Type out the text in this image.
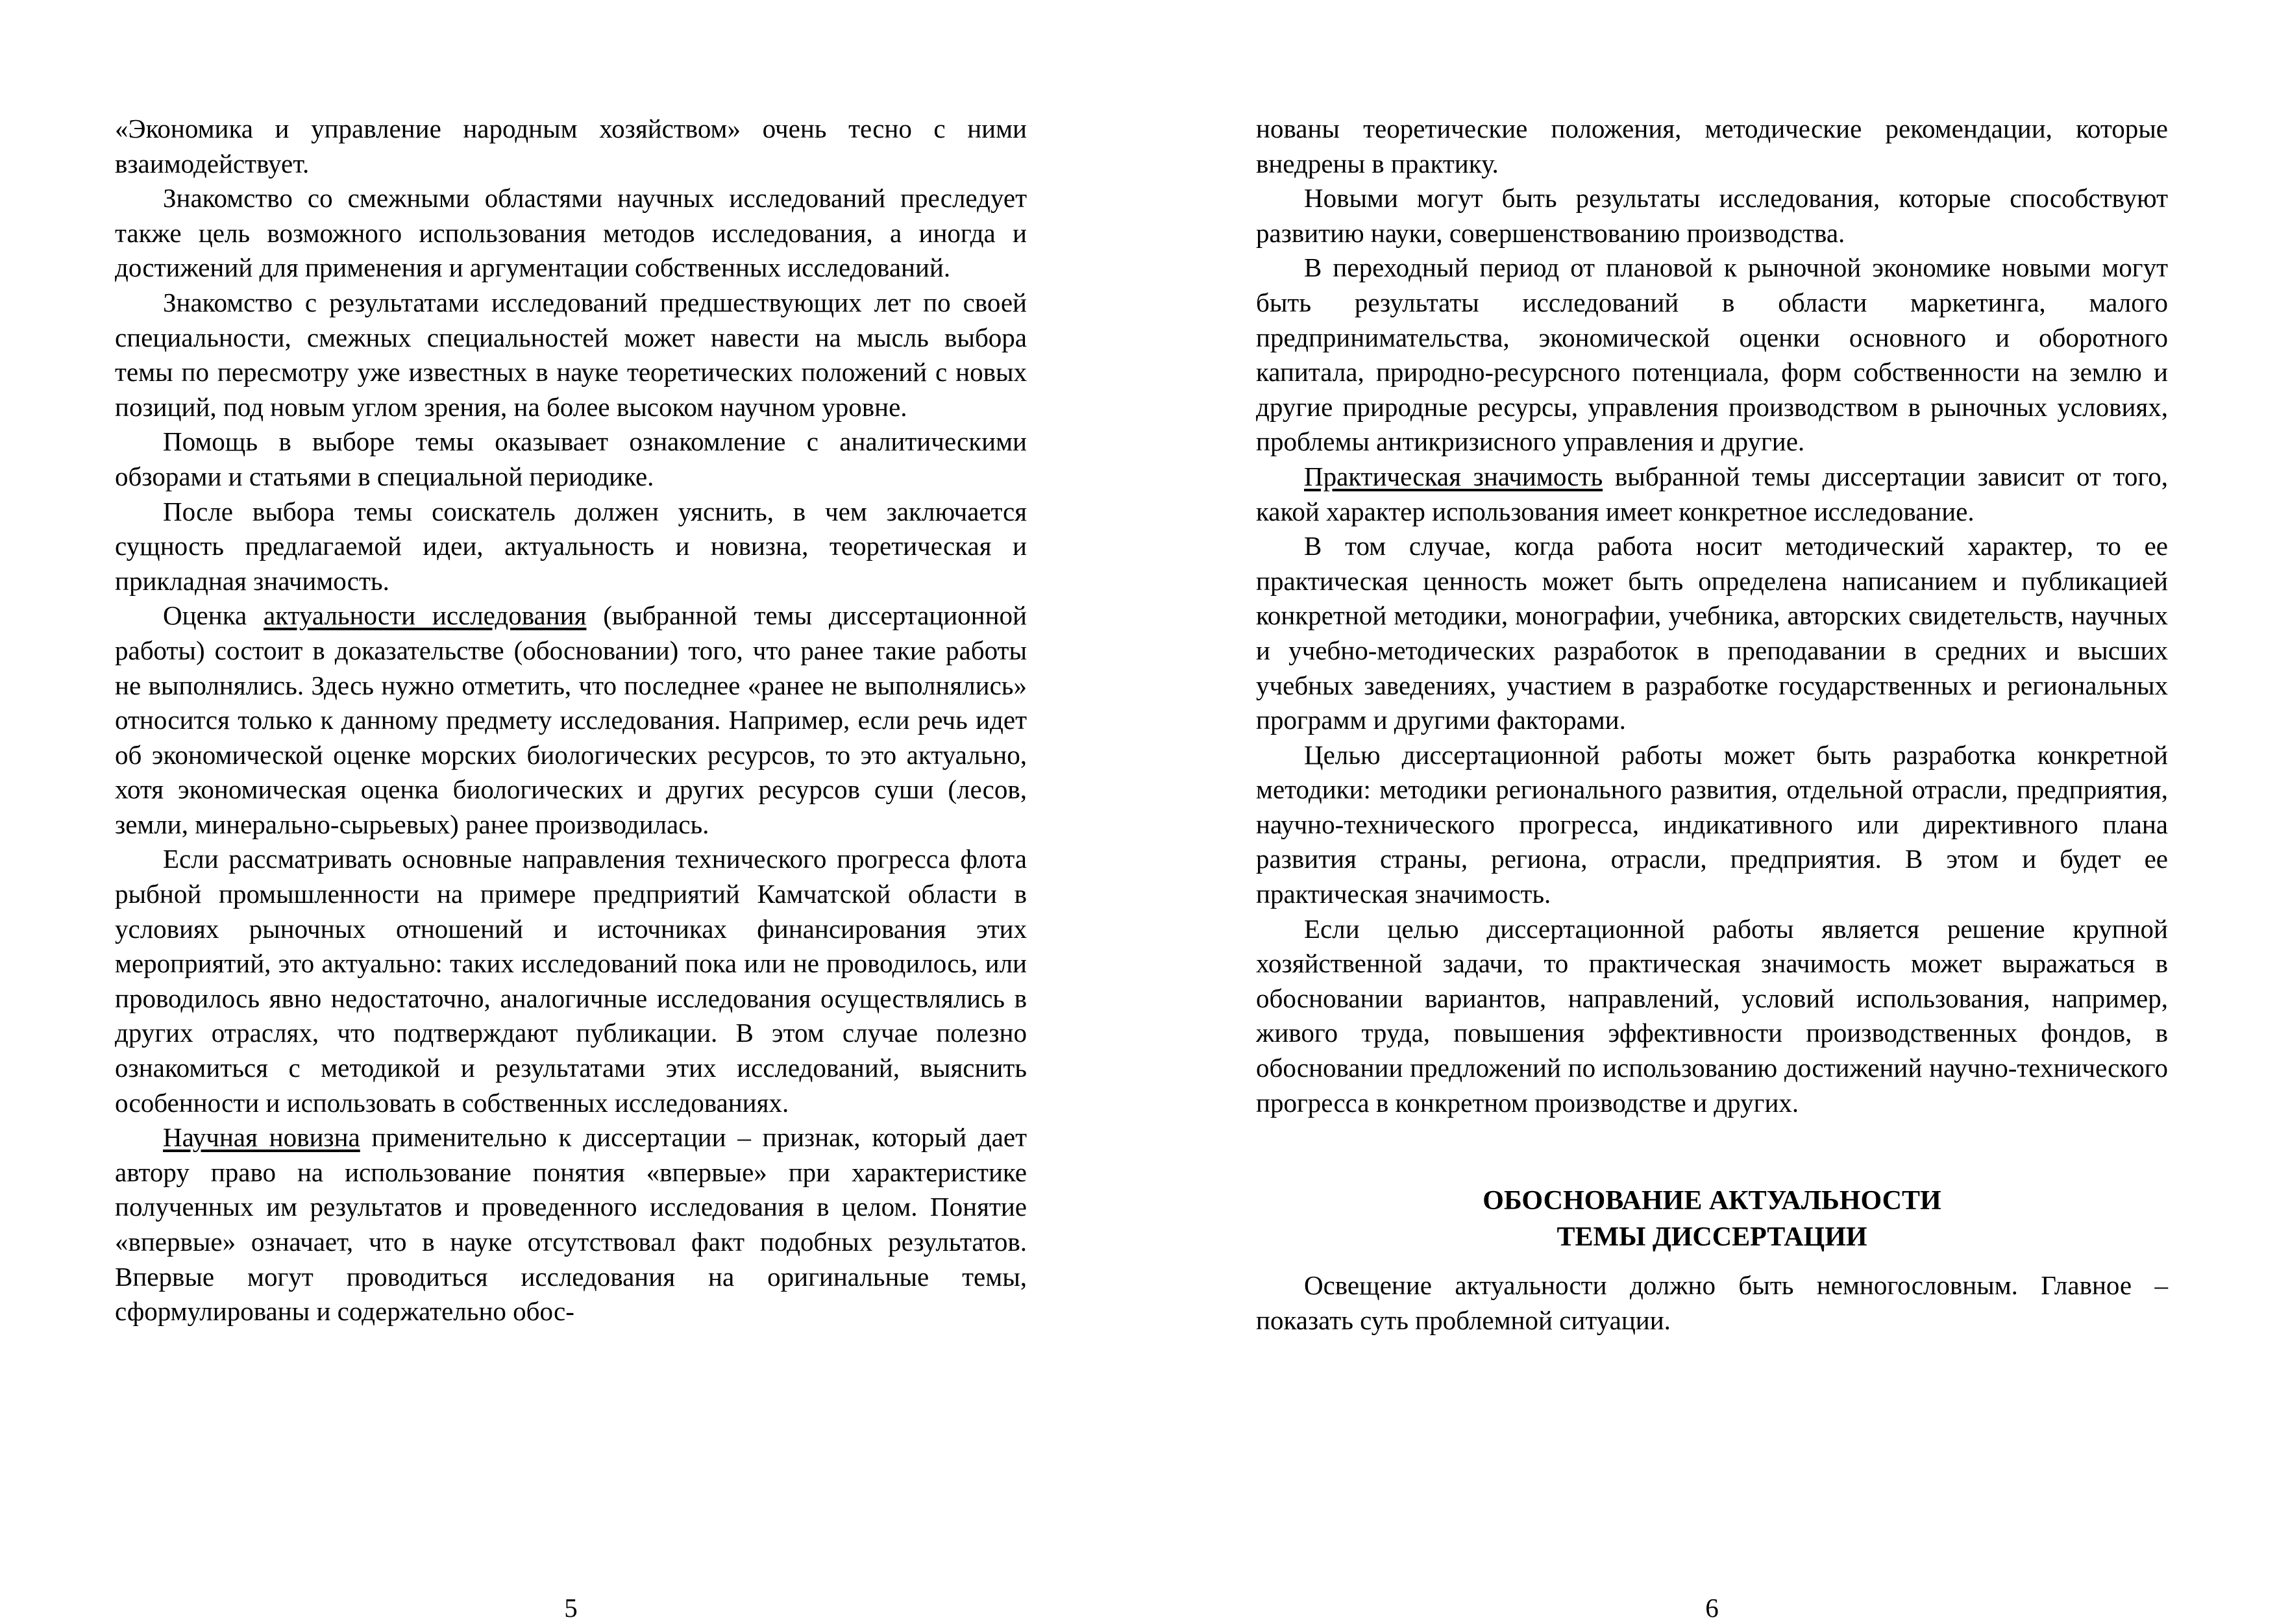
«Экономика и управление народным хозяйством» очень тесно с ними взаимодействует.

Знакомство со смежными областями научных исследований преследует также цель возможного использования методов исследования, а иногда и достижений для применения и аргументации собственных исследований.

Знакомство с результатами исследований предшествующих лет по своей специальности, смежных специальностей может навести на мысль выбора темы по пересмотру уже известных в науке теоретических положений с новых позиций, под новым углом зрения, на более высоком научном уровне.

Помощь в выборе темы оказывает ознакомление с аналитическими обзорами и статьями в специальной периодике.

После выбора темы соискатель должен уяснить, в чем заключается сущность предлагаемой идеи, актуальность и новизна, теоретическая и прикладная значимость.

Оценка актуальности исследования (выбранной темы диссертационной работы) состоит в доказательстве (обосновании) того, что ранее такие работы не выполнялись. Здесь нужно отметить, что последнее «ранее не выполнялись» относится только к данному предмету исследования. Например, если речь идет об экономической оценке морских биологических ресурсов, то это актуально, хотя экономическая оценка биологических и других ресурсов суши (лесов, земли, минерально-сырьевых) ранее производилась.

Если рассматривать основные направления технического прогресса флота рыбной промышленности на примере предприятий Камчатской области в условиях рыночных отношений и источниках финансирования этих мероприятий, это актуально: таких исследований пока или не проводилось, или проводилось явно недостаточно, аналогичные исследования осуществлялись в других отраслях, что подтверждают публикации. В этом случае полезно ознакомиться с методикой и результатами этих исследований, выяснить особенности и использовать в собственных исследованиях.

Научная новизна применительно к диссертации – признак, который дает автору право на использование понятия «впервые» при характеристике полученных им результатов и проведенного исследования в целом. Понятие «впервые» означает, что в науке отсутствовал факт подобных результатов. Впервые могут проводиться исследования на оригинальные темы, сформулированы и содержательно обос-

5

нованы теоретические положения, методические рекомендации, которые внедрены в практику.

Новыми могут быть результаты исследования, которые способствуют развитию науки, совершенствованию производства.

В переходный период от плановой к рыночной экономике новыми могут быть результаты исследований в области маркетинга, малого предпринимательства, экономической оценки основного и оборотного капитала, природно-ресурсного потенциала, форм собственности на землю и другие природные ресурсы, управления производством в рыночных условиях, проблемы антикризисного управления и другие.

Практическая значимость выбранной темы диссертации зависит от того, какой характер использования имеет конкретное исследование.

В том случае, когда работа носит методический характер, то ее практическая ценность может быть определена написанием и публикацией конкретной методики, монографии, учебника, авторских свидетельств, научных и учебно-методических разработок в преподавании в средних и высших учебных заведениях, участием в разработке государственных и региональных программ и другими факторами.

Целью диссертационной работы может быть разработка конкретной методики: методики регионального развития, отдельной отрасли, предприятия, научно-технического прогресса, индикативного или директивного плана развития страны, региона, отрасли, предприятия. В этом и будет ее практическая значимость.

Если целью диссертационной работы является решение крупной хозяйственной задачи, то практическая значимость может выражаться в обосновании вариантов, направлений, условий использования, например, живого труда, повышения эффективности производственных фондов, в обосновании предложений по использованию достижений научно-технического прогресса в конкретном производстве и других.

ОБОСНОВАНИЕ АКТУАЛЬНОСТИ
ТЕМЫ ДИССЕРТАЦИИ

Освещение актуальности должно быть немногословным. Главное – показать суть проблемной ситуации.

6
